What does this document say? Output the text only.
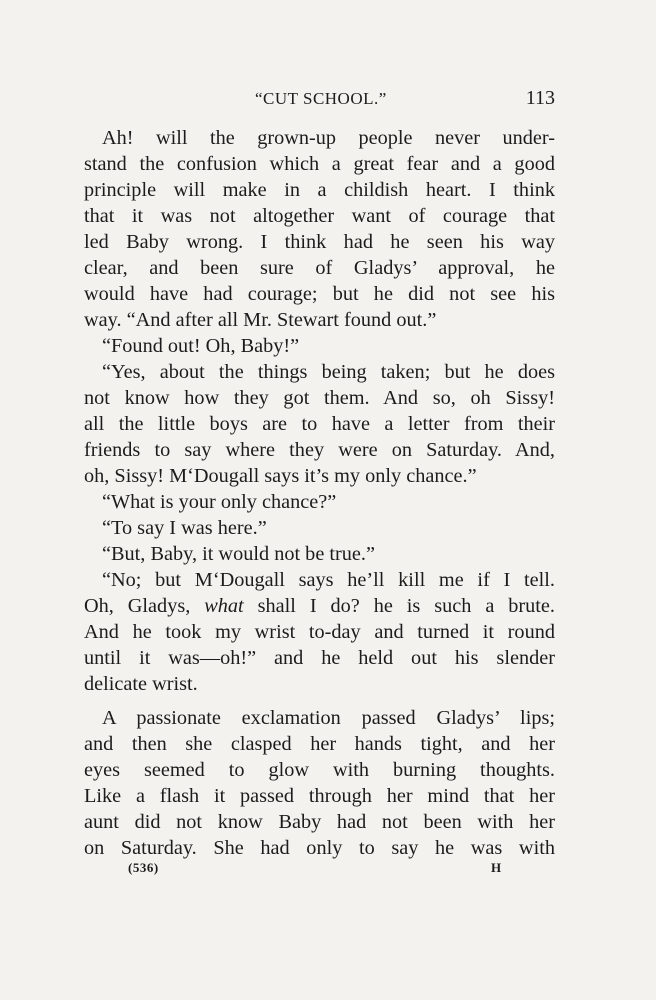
“CUT SCHOOL.”	113
Ah! will the grown-up people never under-
stand the confusion which a great fear and a good
principle will make in a childish heart. I think
that it was not altogether want of courage that
led Baby wrong. I think had he seen his way
clear, and been sure of Gladys’ approval, he
would have had courage; but he did not see his
way. “And after all Mr. Stewart found out.”
“Found out! Oh, Baby!”
“Yes, about the things being taken; but he does
not know how they got them. And so, oh Sissy!
all the little boys are to have a letter from their
friends to say where they were on Saturday. And,
oh, Sissy! M‘Dougall says it’s my only chance.”
“What is your only chance?”
“To say I was here.”
“But, Baby, it would not be true.”
“No; but M‘Dougall says he’ll kill me if I tell.
Oh, Gladys, what shall I do? he is such a brute.
And he took my wrist to-day and turned it round
until it was—oh!” and he held out his slender
delicate wrist.
A passionate exclamation passed Gladys’ lips;
and then she clasped her hands tight, and her
eyes seemed to glow with burning thoughts.
Like a flash it passed through her mind that her
aunt did not know Baby had not been with her
on Saturday. She had only to say he was with
(536)	H
